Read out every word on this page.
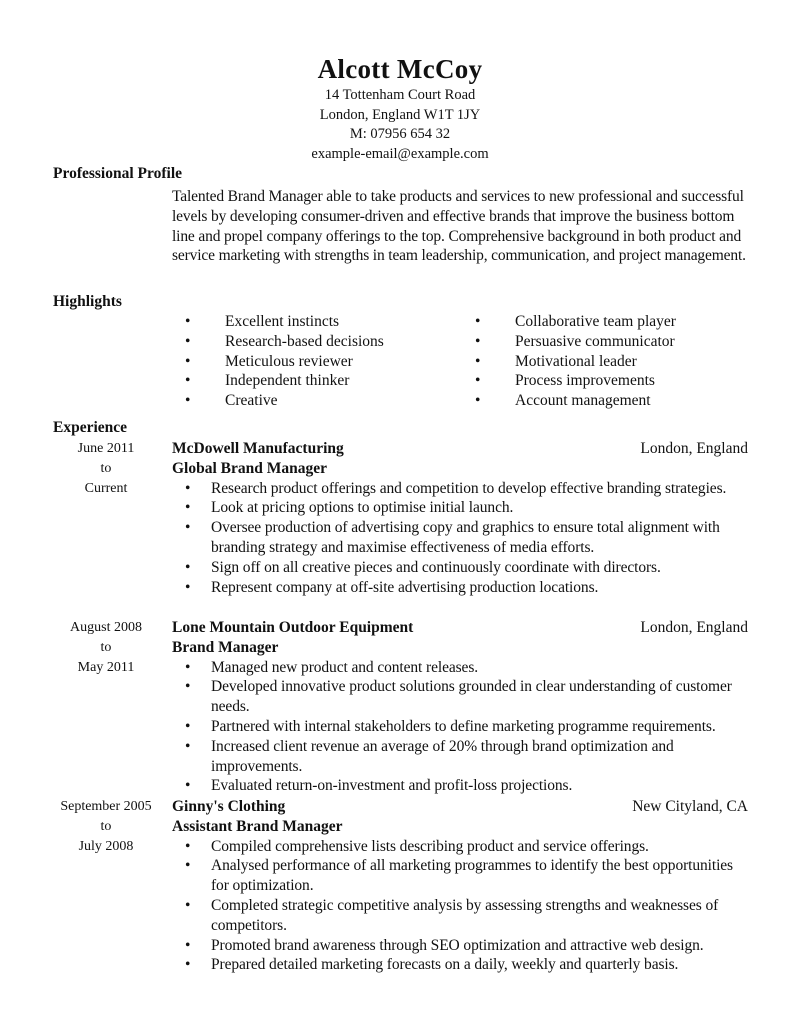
Alcott McCoy
14 Tottenham Court Road
London, England W1T 1JY
M: 07956 654 32
example-email@example.com
Professional Profile
Talented Brand Manager able to take products and services to new professional and successful levels by developing consumer-driven and effective brands that improve the business bottom line and propel company offerings to the top. Comprehensive background in both product and service marketing with strengths in team leadership, communication, and project management.
Highlights
• Excellent instincts
• Research-based decisions
• Meticulous reviewer
• Independent thinker
• Creative
• Collaborative team player
• Persuasive communicator
• Motivational leader
• Process improvements
• Account management
Experience
June 2011
to
Current
McDowell Manufacturing	London, England
Global Brand Manager
• Research product offerings and competition to develop effective branding strategies.
• Look at pricing options to optimise initial launch.
• Oversee production of advertising copy and graphics to ensure total alignment with branding strategy and maximise effectiveness of media efforts.
• Sign off on all creative pieces and continuously coordinate with directors.
• Represent company at off-site advertising production locations.
August 2008
to
May 2011
Lone Mountain Outdoor Equipment	London, England
Brand Manager
• Managed new product and content releases.
• Developed innovative product solutions grounded in clear understanding of customer needs.
• Partnered with internal stakeholders to define marketing programme requirements.
• Increased client revenue an average of 20% through brand optimization and improvements.
• Evaluated return-on-investment and profit-loss projections.
September 2005
to
July 2008
Ginny's Clothing	New Cityland, CA
Assistant Brand Manager
• Compiled comprehensive lists describing product and service offerings.
• Analysed performance of all marketing programmes to identify the best opportunities for optimization.
• Completed strategic competitive analysis by assessing strengths and weaknesses of competitors.
• Promoted brand awareness through SEO optimization and attractive web design.
• Prepared detailed marketing forecasts on a daily, weekly and quarterly basis.
